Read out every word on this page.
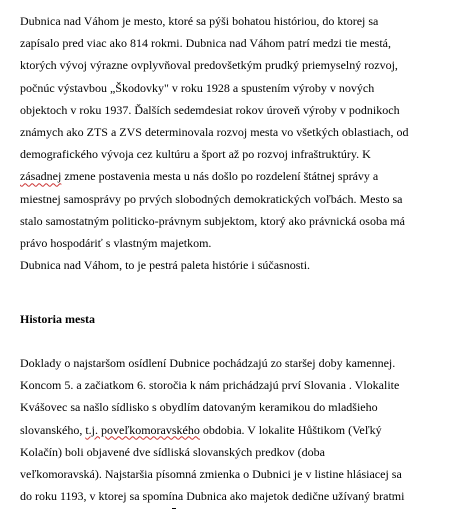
Dubnica nad Váhom je mesto, ktoré sa pýši bohatou históriou, do ktorej sa
zapísalo pred viac ako 814 rokmi. Dubnica nad Váhom patrí medzi tie mestá,
ktorých vývoj výrazne ovplyvňoval predovšetkým prudký priemyselný rozvoj,
počnúc výstavbou „Škodovky" v roku 1928 a spustením výroby v nových
objektoch v roku 1937. Ďalších sedemdesiat rokov úroveň výroby v podnikoch
známych ako ZTS a ZVS determinovala rozvoj mesta vo všetkých oblastiach, od
demografického vývoja cez kultúru a šport až po rozvoj infraštruktúry. K
zásadnej zmene postavenia mesta u nás došlo po rozdelení štátnej správy a
miestnej samosprávy po prvých slobodných demokratických voľbách. Mesto sa
stalo samostatným politicko-právnym subjektom, ktorý ako právnická osoba má
právo hospodáriť s vlastným majetkom.
Dubnica nad Váhom, to je pestrá paleta histórie i súčasnosti.
Historia mesta
Doklady o najstaršom osídlení Dubnice pochádzajú zo staršej doby kamennej.
Koncom 5. a začiatkom 6. storočia k nám prichádzajú prví Slovania . Vlokalite
Kvášovec sa našlo sídlisko s obydlím datovaným keramikou do mladšieho
slovanského, t.j. poveľkomoravského obdobia. V lokalite Hůštikom (Veľký
Kolačín) boli objavené dve sídliská slovanských predkov (doba
veľkomoravská). Najstaršia písomná zmienka o Dubnici je v listine hlásiacej sa
do roku 1193, v ktorej sa spomína Dubnica ako majetok dedične užívaný bratmi
